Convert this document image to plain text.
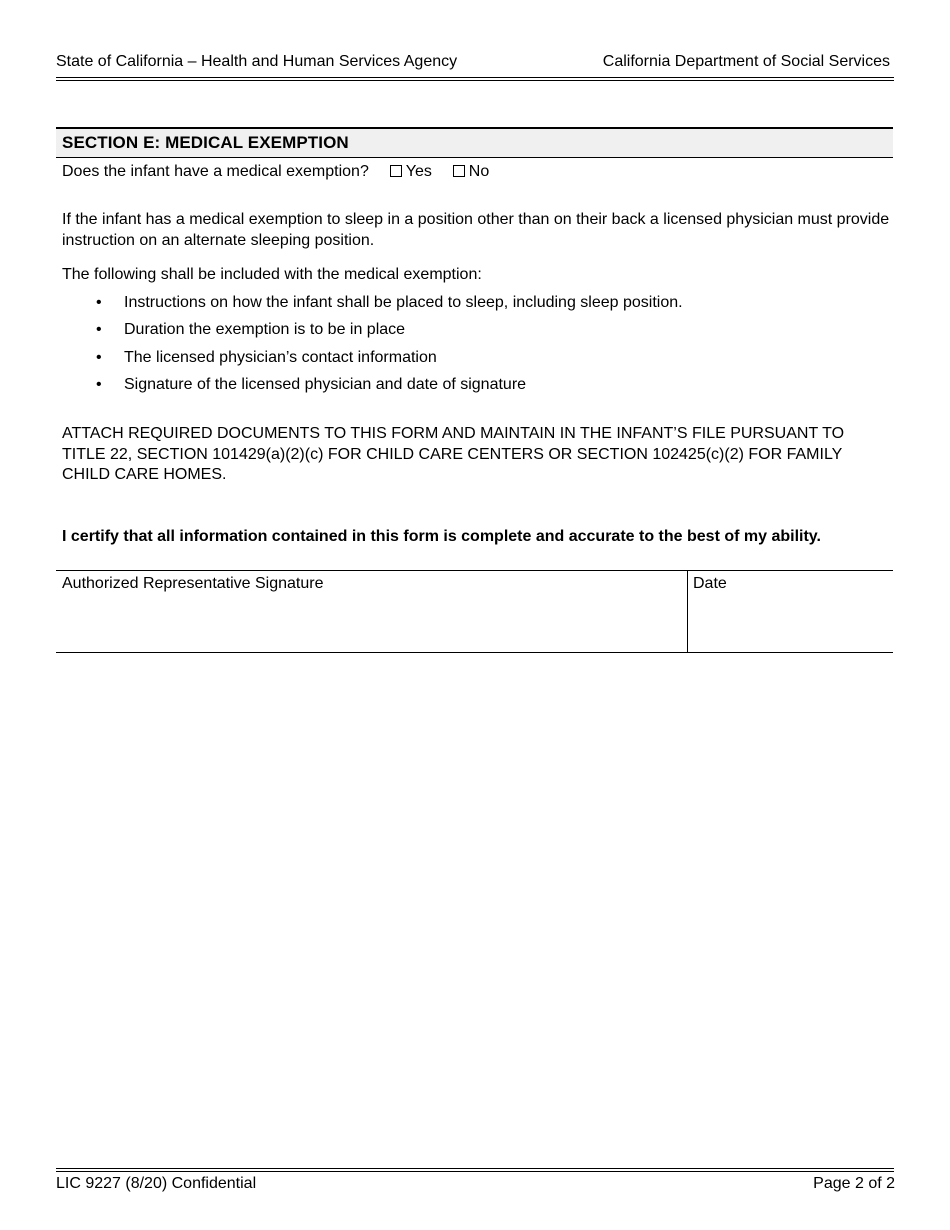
State of California – Health and Human Services Agency	California Department of Social Services
SECTION E: MEDICAL EXEMPTION
Does the infant have a medical exemption? Yes No
If the infant has a medical exemption to sleep in a position other than on their back a licensed physician must provide instruction on an alternate sleeping position.
The following shall be included with the medical exemption:
• Instructions on how the infant shall be placed to sleep, including sleep position.
• Duration the exemption is to be in place
• The licensed physician’s contact information
• Signature of the licensed physician and date of signature
ATTACH REQUIRED DOCUMENTS TO THIS FORM AND MAINTAIN IN THE INFANT’S FILE PURSUANT TO TITLE 22, SECTION 101429(a)(2)(c) FOR CHILD CARE CENTERS OR SECTION 102425(c)(2) FOR FAMILY CHILD CARE HOMES.
I certify that all information contained in this form is complete and accurate to the best of my ability.
Authorized Representative Signature	Date
LIC 9227 (8/20) Confidential	Page 2 of 2
